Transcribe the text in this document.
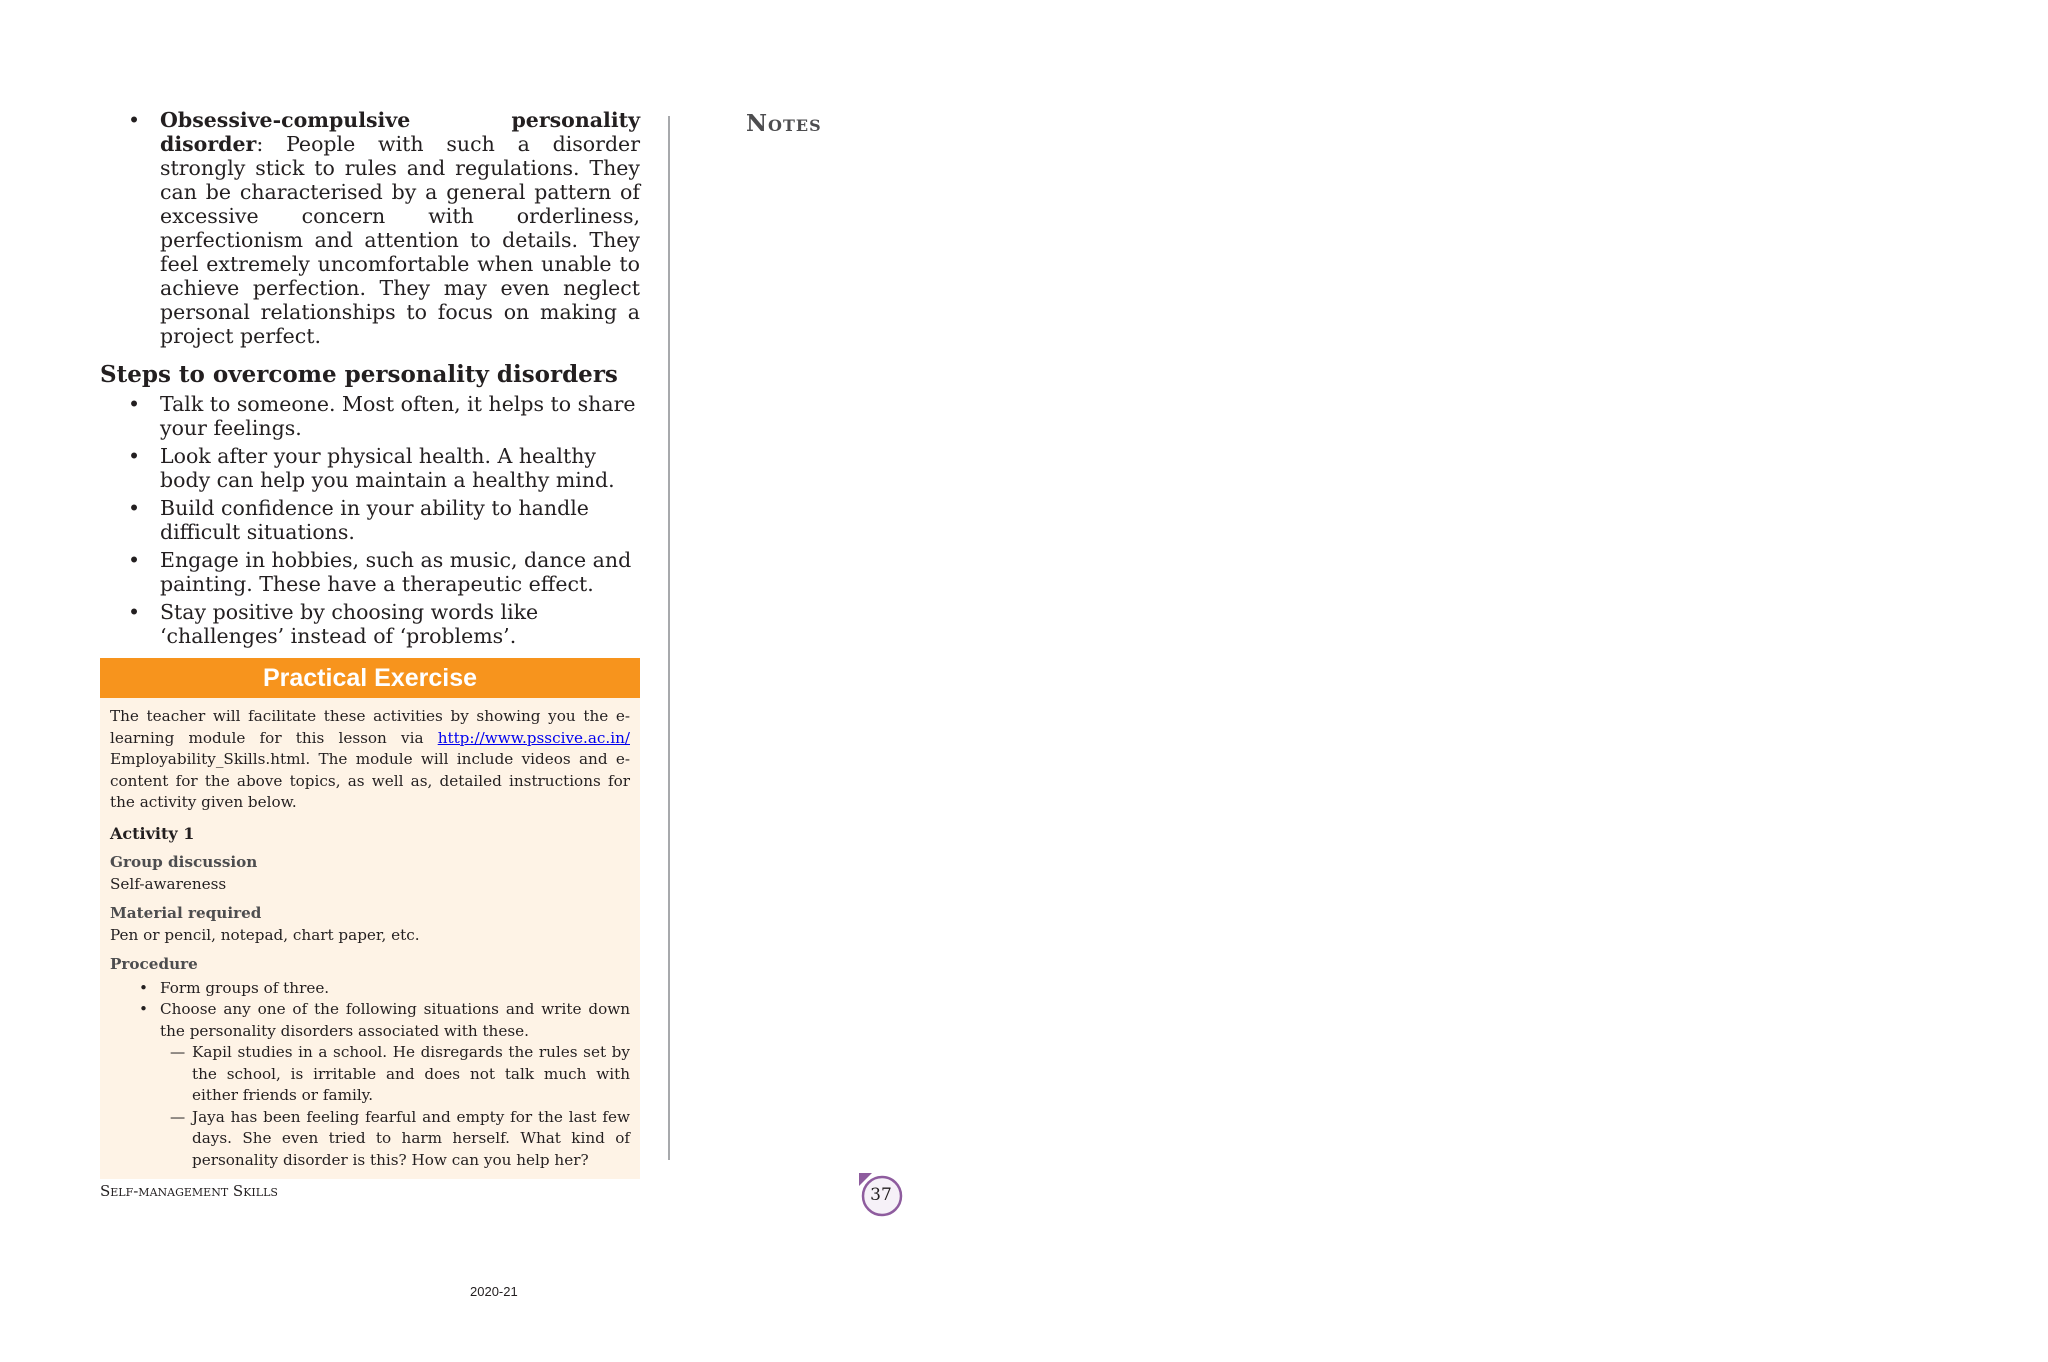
• Obsessive-compulsive personality disorder: People with such a disorder strongly stick to rules and regulations. They can be characterised by a general pattern of excessive concern with orderliness, perfectionism and attention to details. They feel extremely uncomfortable when unable to achieve perfection. They may even neglect personal relationships to focus on making a project perfect.
Steps to overcome personality disorders
• Talk to someone. Most often, it helps to share your feelings.
• Look after your physical health. A healthy body can help you maintain a healthy mind.
• Build confidence in your ability to handle difficult situations.
• Engage in hobbies, such as music, dance and painting. These have a therapeutic effect.
• Stay positive by choosing words like ‘challenges’ instead of ‘problems’.
Practical Exercise

The teacher will facilitate these activities by showing you the e-learning module for this lesson via http://www.psscive.ac.in/ Employability_Skills.html. The module will include videos and e-content for the above topics, as well as, detailed instructions for the activity given below.

Activity 1

Group discussion

Self-awareness

Material required

Pen or pencil, notepad, chart paper, etc.

Procedure

• Form groups of three.
• Choose any one of the following situations and write down the personality disorders associated with these.
— Kapil studies in a school. He disregards the rules set by the school, is irritable and does not talk much with either friends or family.
— Jaya has been feeling fearful and empty for the last few days. She even tried to harm herself. What kind of personality disorder is this? How can you help her?
Notes
Self-management Skills	37
2020-21
